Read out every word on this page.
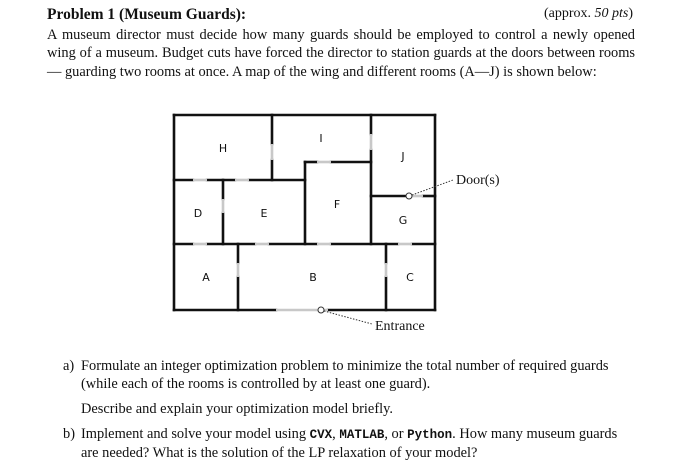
Problem 1 (Museum Guards):	(approx. 50 pts)
A museum director must decide how many guards should be employed to control a newly opened wing of a museum. Budget cuts have forced the director to station guards at the doors between rooms — guarding two rooms at once. A map of the wing and different rooms (A—J) is shown below:
H
I
J
D	E
F
G
A	B	C
Door(s)
Entrance
a) Formulate an integer optimization problem to minimize the total number of required guards (while each of the rooms is controlled by at least one guard).
Describe and explain your optimization model briefly.
b) Implement and solve your model using CVX, MATLAB, or Python. How many museum guards are needed? What is the solution of the LP relaxation of your model?
